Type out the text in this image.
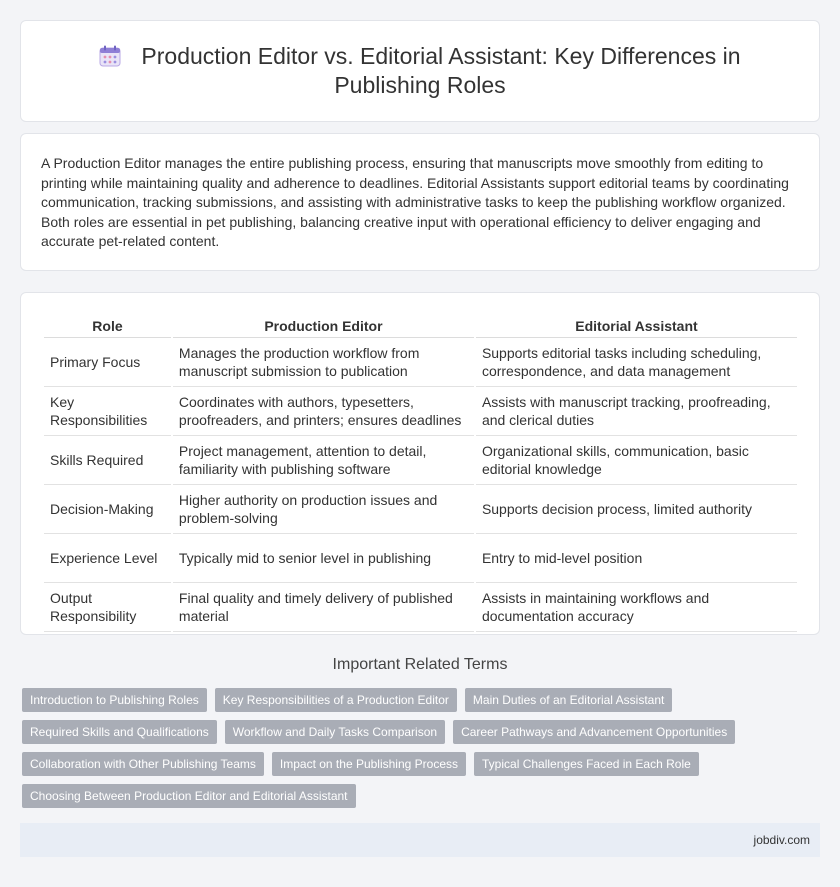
Production Editor vs. Editorial Assistant: Key Differences in Publishing Roles

A Production Editor manages the entire publishing process, ensuring that manuscripts move smoothly from editing to printing while maintaining quality and adherence to deadlines. Editorial Assistants support editorial teams by coordinating communication, tracking submissions, and assisting with administrative tasks to keep the publishing workflow organized. Both roles are essential in pet publishing, balancing creative input with operational efficiency to deliver engaging and accurate pet-related content.

Role	Production Editor	Editorial Assistant
Primary Focus	Manages the production workflow from manuscript submission to publication	Supports editorial tasks including scheduling, correspondence, and data management
Key Responsibilities	Coordinates with authors, typesetters, proofreaders, and printers; ensures deadlines	Assists with manuscript tracking, proofreading, and clerical duties
Skills Required	Project management, attention to detail, familiarity with publishing software	Organizational skills, communication, basic editorial knowledge
Decision-Making	Higher authority on production issues and problem-solving	Supports decision process, limited authority
Experience Level	Typically mid to senior level in publishing	Entry to mid-level position
Output Responsibility	Final quality and timely delivery of published material	Assists in maintaining workflows and documentation accuracy
Important Related Terms
Introduction to Publishing Roles	Key Responsibilities of a Production Editor	Main Duties of an Editorial Assistant
Required Skills and Qualifications	Workflow and Daily Tasks Comparison	Career Pathways and Advancement Opportunities
Collaboration with Other Publishing Teams	Impact on the Publishing Process	Typical Challenges Faced in Each Role
Choosing Between Production Editor and Editorial Assistant
jobdiv.com
